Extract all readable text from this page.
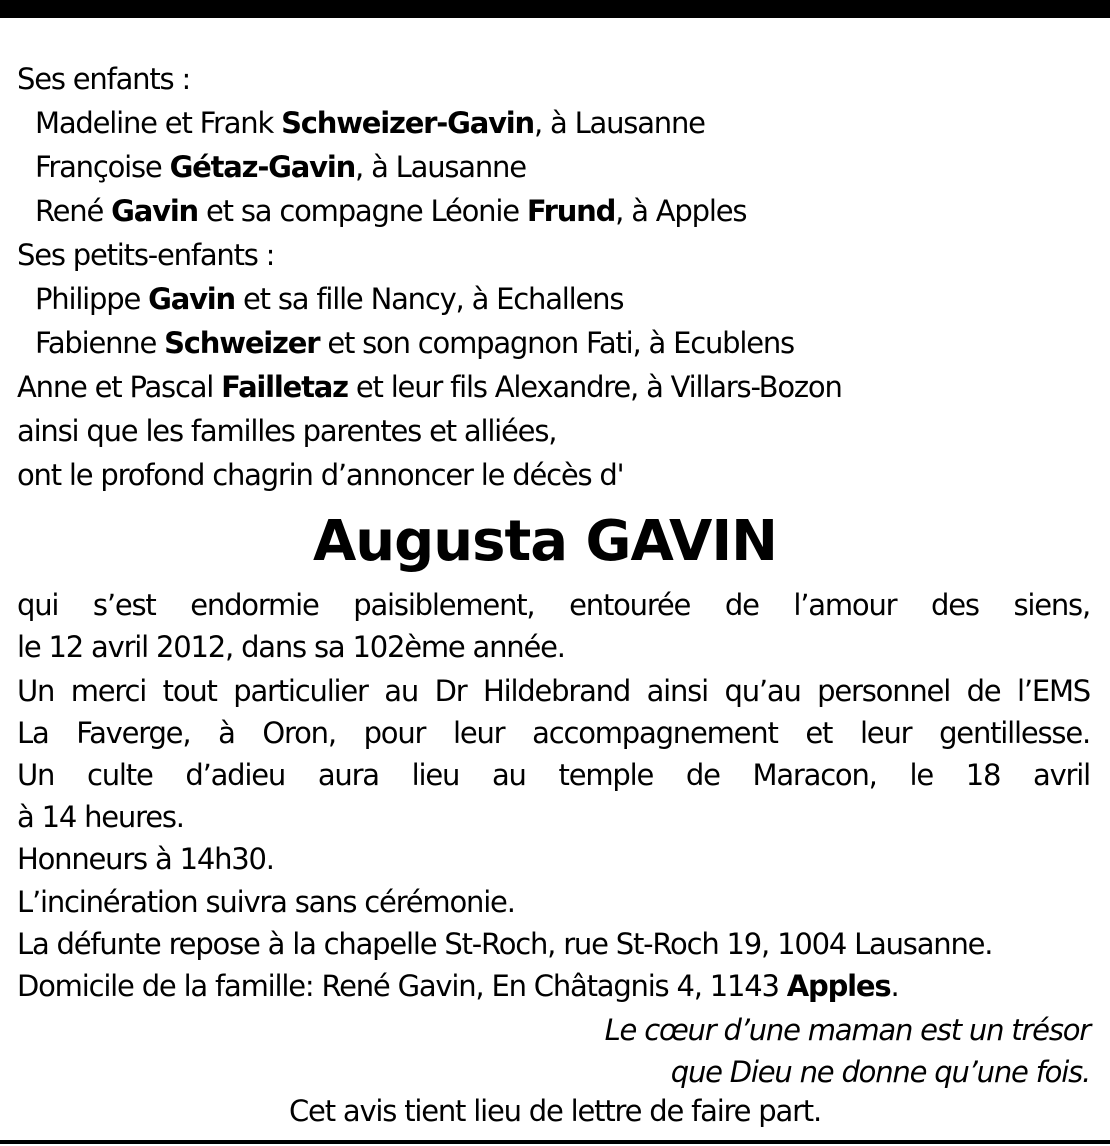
Ses enfants :
Madeline et Frank Schweizer-Gavin, à Lausanne
Françoise Gétaz-Gavin, à Lausanne
René Gavin et sa compagne Léonie Frund, à Apples
Ses petits-enfants :
Philippe Gavin et sa fille Nancy, à Echallens
Fabienne Schweizer et son compagnon Fati, à Ecublens
Anne et Pascal Failletaz et leur fils Alexandre, à Villars-Bozon
ainsi que les familles parentes et alliées,
ont le profond chagrin d’annoncer le décès d'
Augusta GAVIN
qui s’est endormie paisiblement, entourée de l’amour des siens,
le 12 avril 2012, dans sa 102ème année.
Un merci tout particulier au Dr Hildebrand ainsi qu’au personnel de l’EMS
La Faverge, à Oron, pour leur accompagnement et leur gentillesse.
Un culte d’adieu aura lieu au temple de Maracon, le 18 avril
à 14 heures.
Honneurs à 14h30.
L’incinération suivra sans cérémonie.
La défunte repose à la chapelle St-Roch, rue St-Roch 19, 1004 Lausanne.
Domicile de la famille: René Gavin, En Châtagnis 4, 1143 Apples.
Le cœur d’une maman est un trésor
que Dieu ne donne qu’une fois.
Cet avis tient lieu de lettre de faire part.
